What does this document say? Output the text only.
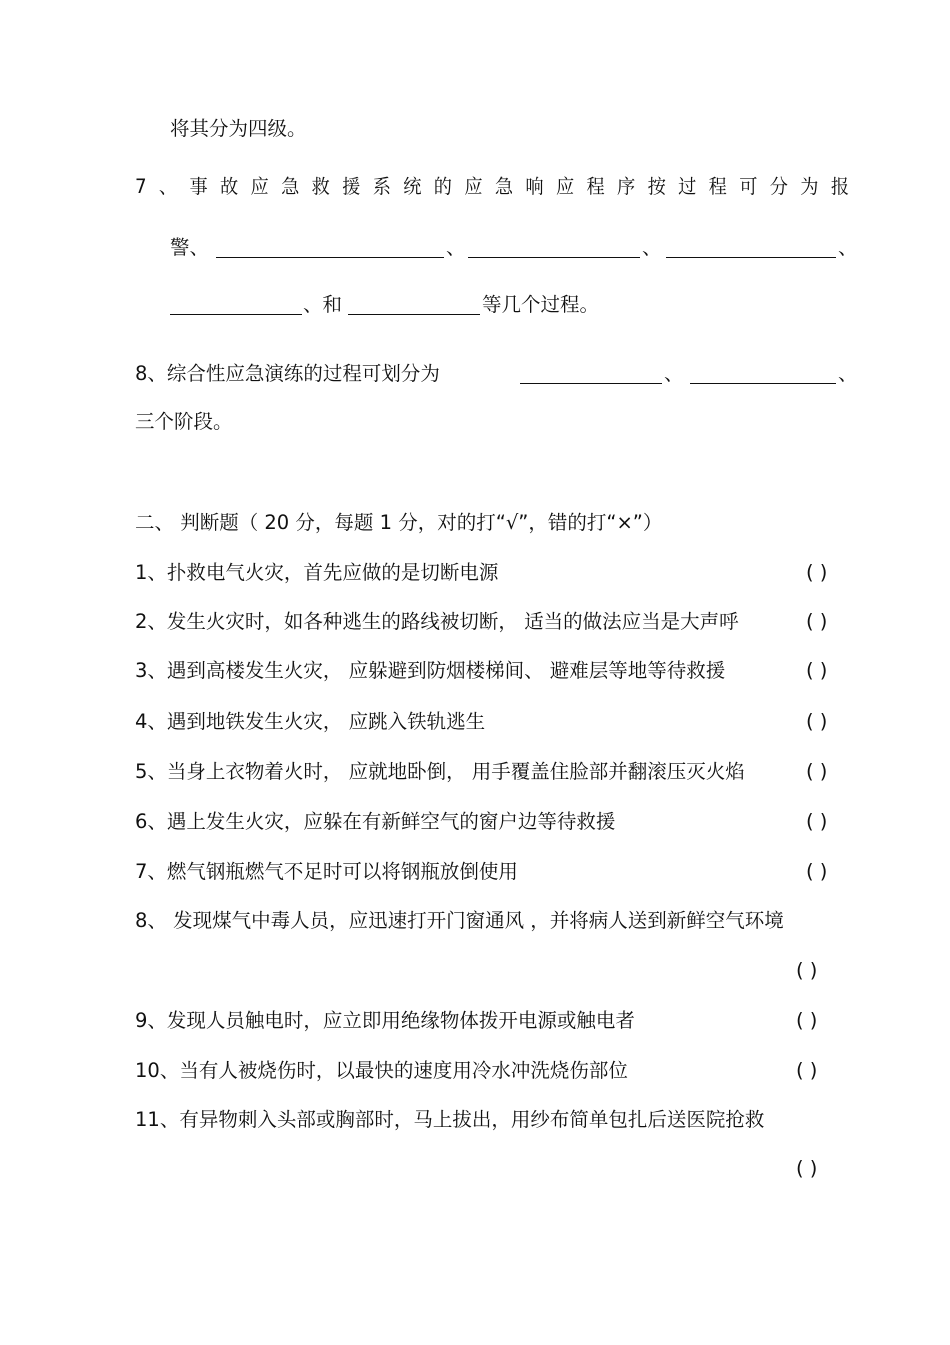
将其分为四级。
7、事故应急救援系统的应急响应程序按过程可分为报
警、	、	、	、
、和	等几个过程。
8、综合性应急演练的过程可划分为	、	、
三个阶段。
二、 判断题（ 20 分，每题 1 分，对的打“√”，错的打“×”）
1、扑救电气火灾，首先应做的是切断电源	( )
2、发生火灾时，如各种逃生的路线被切断， 适当的做法应当是大声呼	( )
3、遇到高楼发生火灾， 应躲避到防烟楼梯间、 避难层等地等待救援	( )
4、遇到地铁发生火灾， 应跳入铁轨逃生	( )
5、当身上衣物着火时， 应就地卧倒， 用手覆盖住脸部并翻滚压灭火焰	( )
6、遇上发生火灾，应躲在有新鲜空气的窗户边等待救援	( )
7、燃气钢瓶燃气不足时可以将钢瓶放倒使用	( )
8、 发现煤气中毒人员，应迅速打开门窗通风 ，并将病人送到新鲜空气环境
( )
9、发现人员触电时，应立即用绝缘物体拨开电源或触电者	( )
10、当有人被烧伤时，以最快的速度用冷水冲洗烧伤部位	( )
11、有异物刺入头部或胸部时，马上拔出，用纱布简单包扎后送医院抢救
( )
